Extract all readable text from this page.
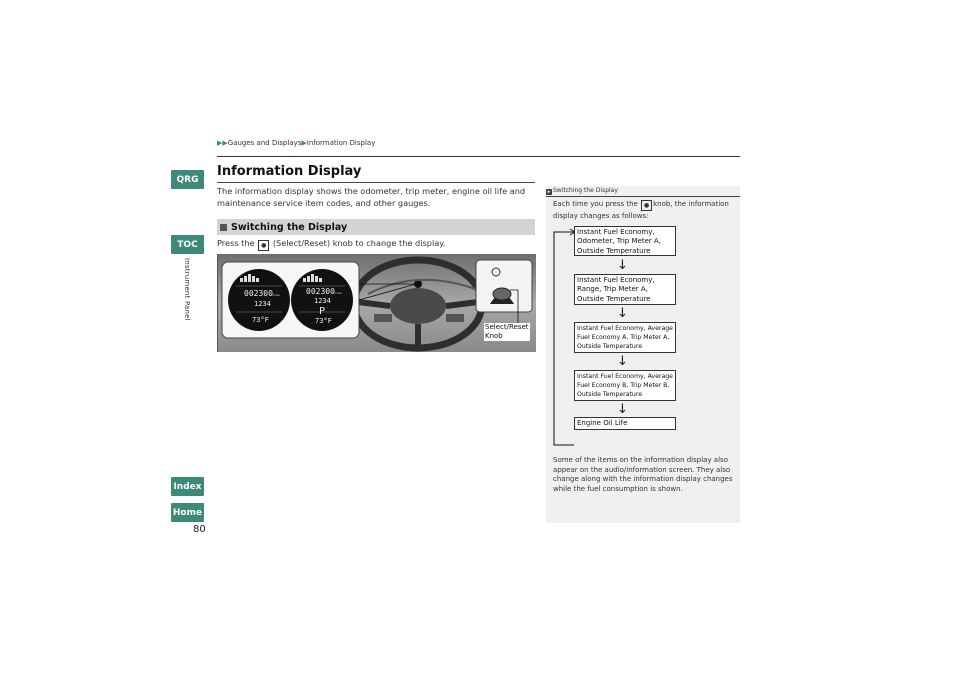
QRG
TOC
Instrument Panel
Index
Home
80
▶▶Gauges and Displays▶Information Display
Information Display
The information display shows the odometer, trip meter, engine oil life and maintenance service item codes, and other gauges.
Switching the Display
Press the ● (Select/Reset) knob to change the display.
002300 miles
1234
73°F
002300 miles
1234
P
73°F
Select/Reset
Knob
▸ Switching the Display
Each time you press the ● knob, the information display changes as follows:
Instant Fuel Economy, Odometer, Trip Meter A, Outside Temperature
↓
Instant Fuel Economy, Range, Trip Meter A, Outside Temperature
↓
Instant Fuel Economy, Average Fuel Economy A, Trip Meter A, Outside Temperature
↓
Instant Fuel Economy, Average Fuel Economy B, Trip Meter B, Outside Temperature
↓
Engine Oil Life
Some of the items on the information display also appear on the audio/information screen. They also change along with the information display changes while the fuel consumption is shown.
